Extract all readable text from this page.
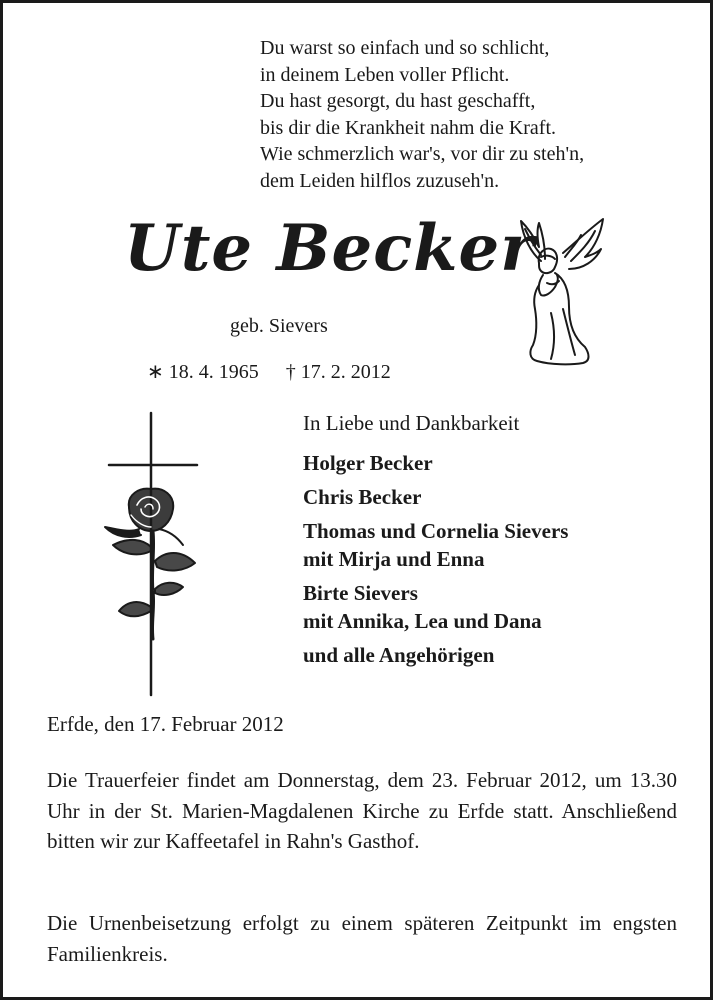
Du warst so einfach und so schlicht,
in deinem Leben voller Pflicht.
Du hast gesorgt, du hast geschafft,
bis dir die Krankheit nahm die Kraft.
Wie schmerzlich war's, vor dir zu steh'n,
dem Leiden hilflos zuzuseh'n.
Ute Becker
geb. Sievers
∗ 18. 4. 1965 † 17. 2. 2012
In Liebe und Dankbarkeit
Holger Becker
Chris Becker
Thomas und Cornelia Sievers
mit Mirja und Enna
Birte Sievers
mit Annika, Lea und Dana
und alle Angehörigen
Erfde, den 17. Februar 2012
Die Trauerfeier findet am Donnerstag, dem 23. Februar 2012, um 13.30 Uhr in der St. Marien-Magdalenen Kirche zu Erfde statt. Anschließend bitten wir zur Kaffeetafel in Rahn's Gasthof.
Die Urnenbeisetzung erfolgt zu einem späteren Zeitpunkt im engsten Familienkreis.
